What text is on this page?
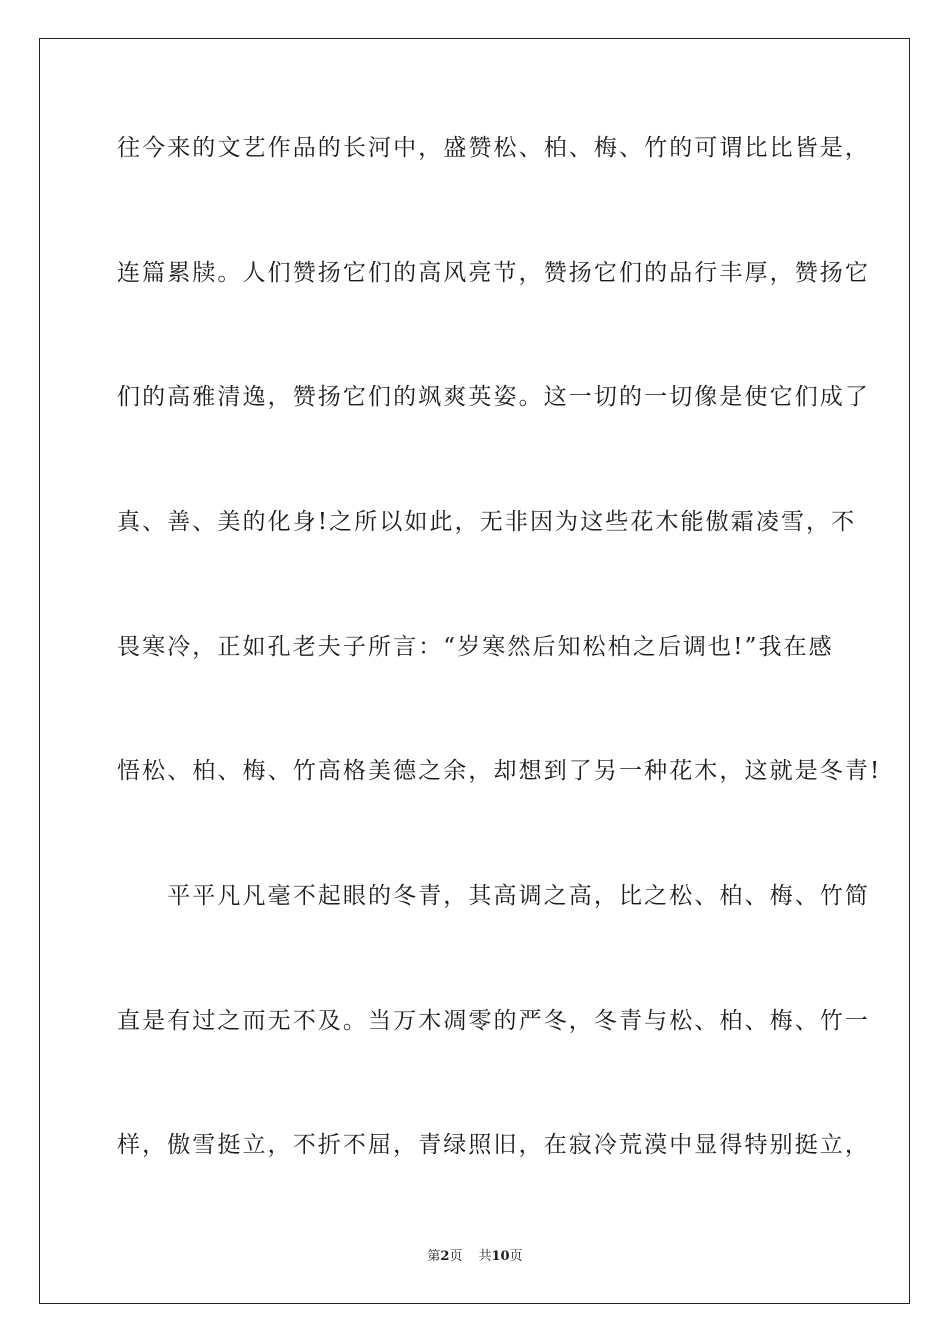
往今来的文艺作品的长河中，盛赞松、柏、梅、竹的可谓比比皆是，
连篇累牍。人们赞扬它们的高风亮节，赞扬它们的品行丰厚，赞扬它
们的高雅清逸，赞扬它们的飒爽英姿。这一切的一切像是使它们成了
真、善、美的化身!之所以如此，无非因为这些花木能傲霜凌雪，不
畏寒冷，正如孔老夫子所言：“岁寒然后知松柏之后调也!”我在感
悟松、柏、梅、竹高格美德之余，却想到了另一种花木，这就是冬青!
　　平平凡凡毫不起眼的冬青，其高调之高，比之松、柏、梅、竹简
直是有过之而无不及。当万木凋零的严冬，冬青与松、柏、梅、竹一
样，傲雪挺立，不折不屈，青绿照旧，在寂冷荒漠中显得特别挺立，
第2页 共10页
